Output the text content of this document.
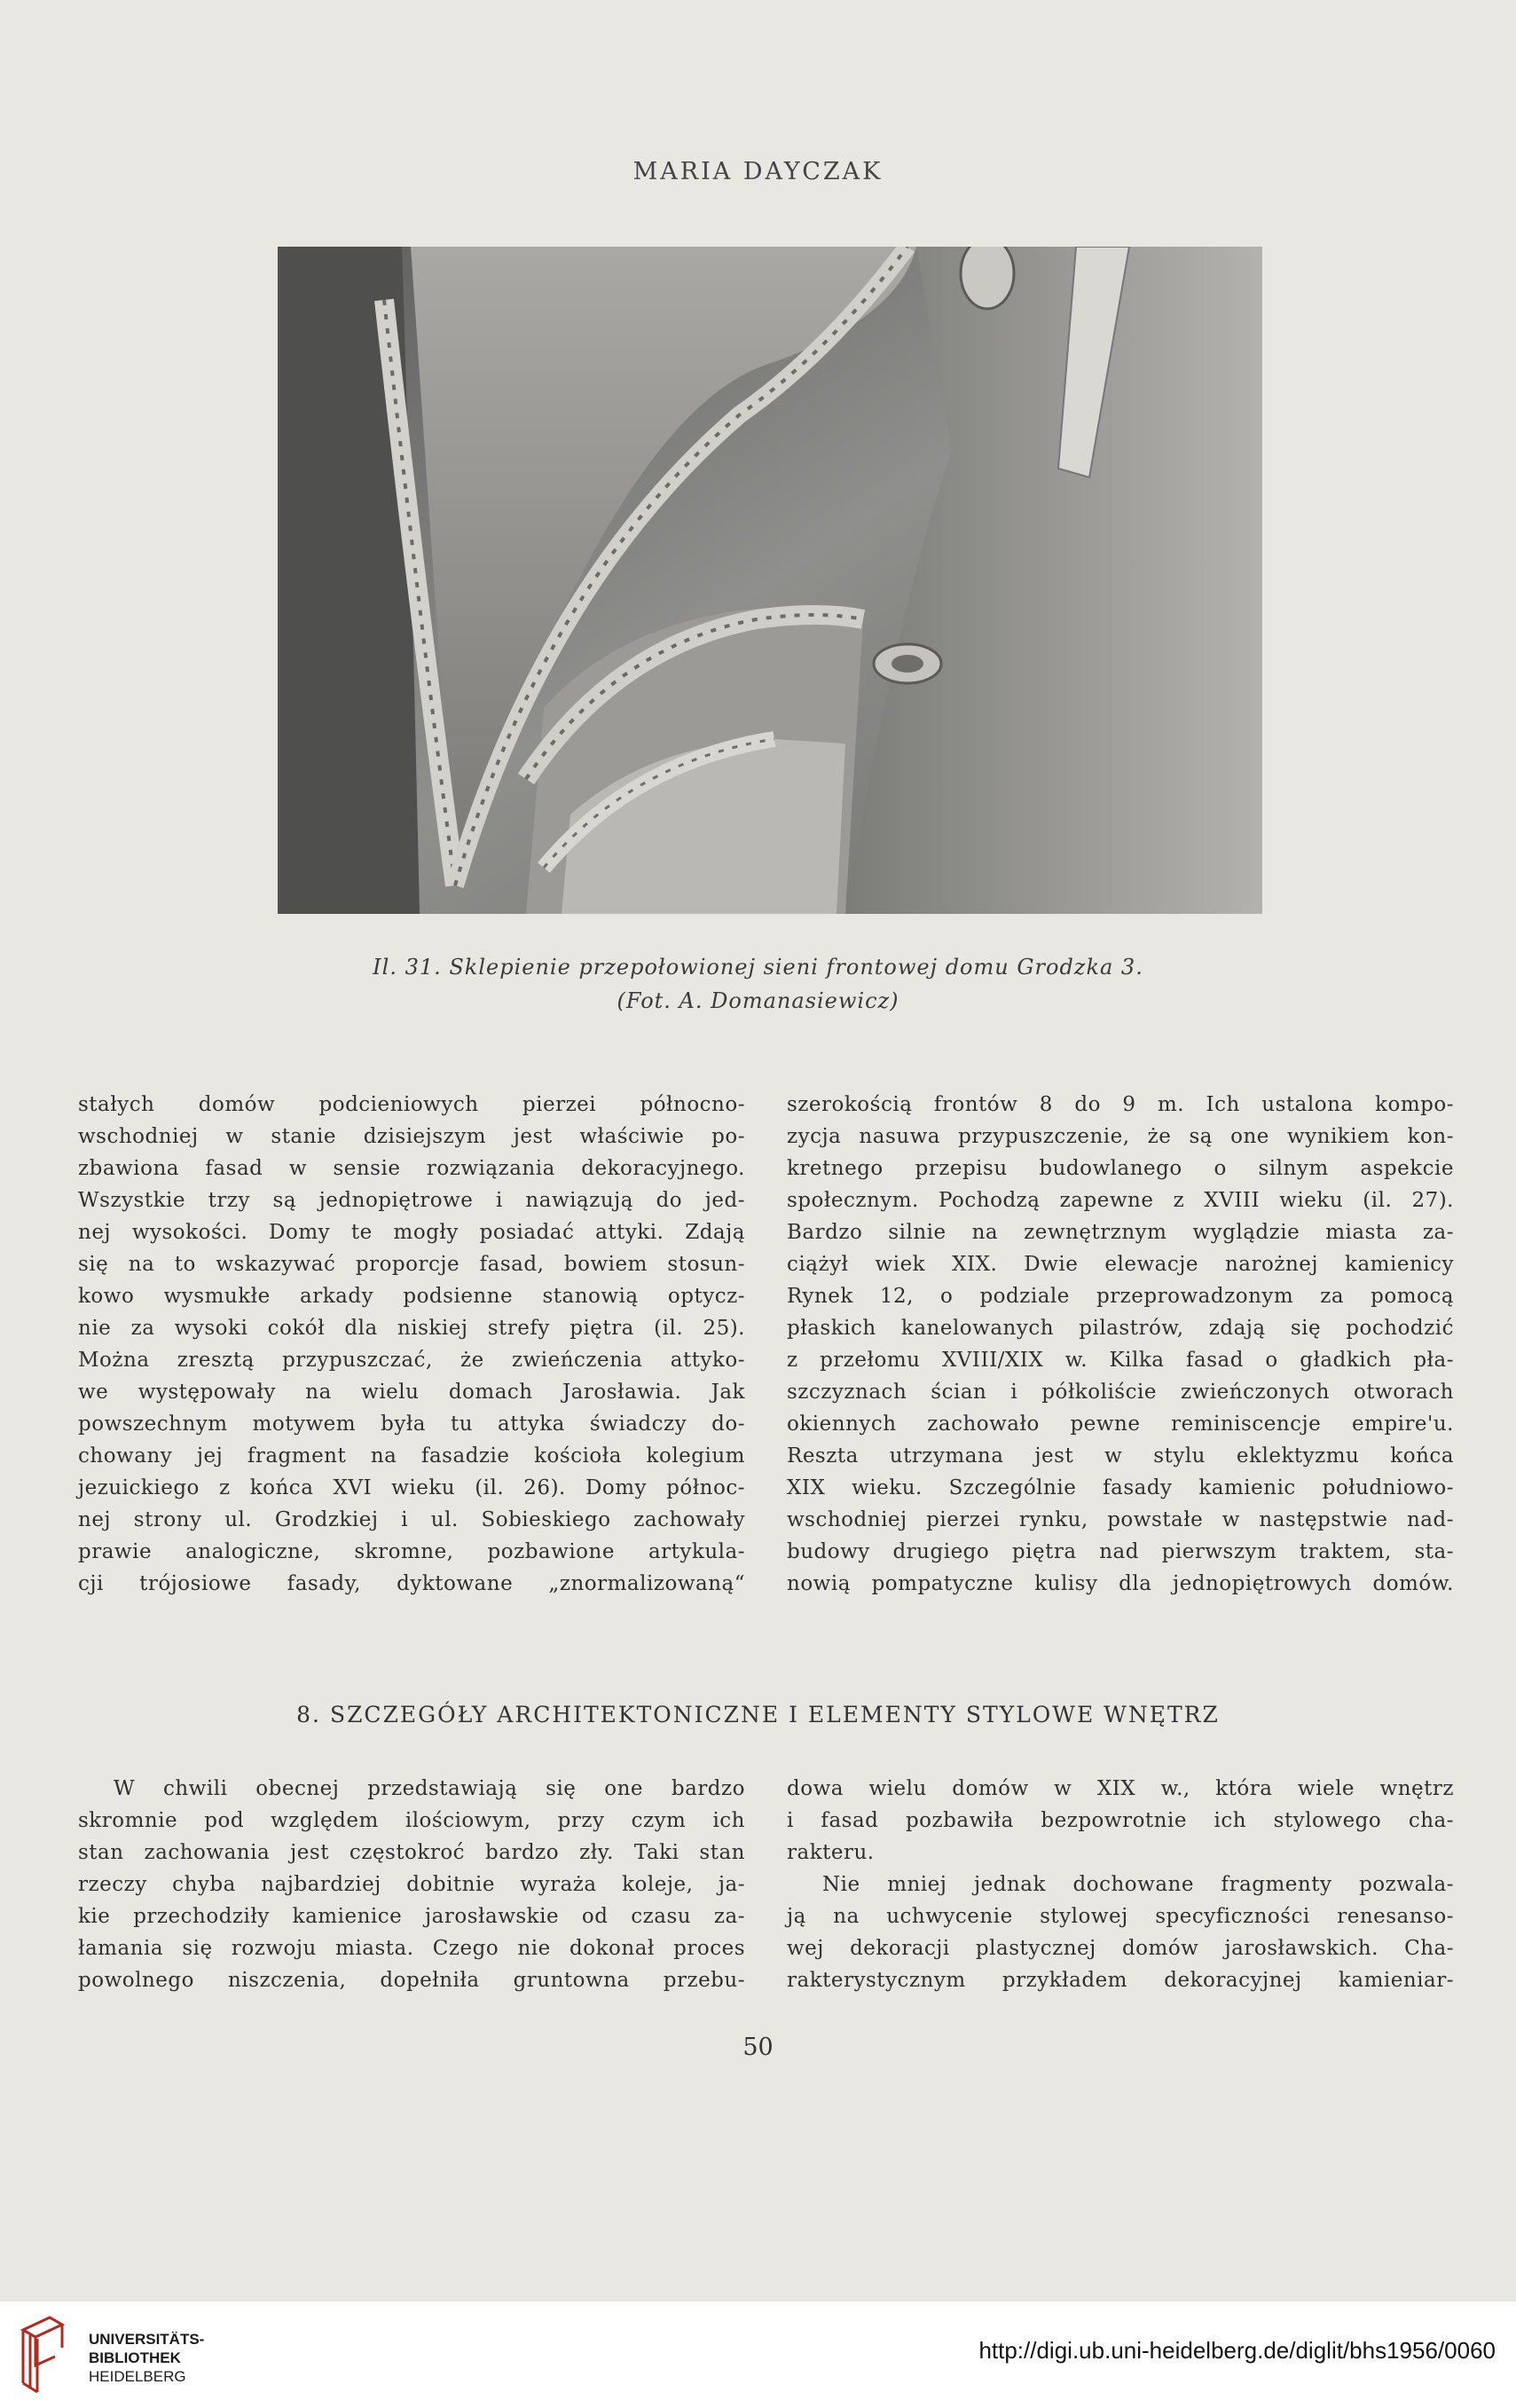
MARIA DAYCZAK
Il. 31. Sklepienie przepołowionej sieni frontowej domu Grodzka 3.
(Fot. A. Domanasiewicz)
stałych domów podcieniowych pierzei północno-
wschodniej w stanie dzisiejszym jest właściwie po-
zbawiona fasad w sensie rozwiązania dekoracyjnego.
Wszystkie trzy są jednopiętrowe i nawiązują do jed-
nej wysokości. Domy te mogły posiadać attyki. Zdają
się na to wskazywać proporcje fasad, bowiem stosun-
kowo wysmukłe arkady podsienne stanowią optycz-
nie za wysoki cokół dla niskiej strefy piętra (il. 25).
Można zresztą przypuszczać, że zwieńczenia attyko-
we występowały na wielu domach Jarosławia. Jak
powszechnym motywem była tu attyka świadczy do-
chowany jej fragment na fasadzie kościoła kolegium
jezuickiego z końca XVI wieku (il. 26). Domy północ-
nej strony ul. Grodzkiej i ul. Sobieskiego zachowały
prawie analogiczne, skromne, pozbawione artykula-
cji trójosiowe fasady, dyktowane „znormalizowaną“
szerokością frontów 8 do 9 m. Ich ustalona kompo-
zycja nasuwa przypuszczenie, że są one wynikiem kon-
kretnego przepisu budowlanego o silnym aspekcie
społecznym. Pochodzą zapewne z XVIII wieku (il. 27).
Bardzo silnie na zewnętrznym wyglądzie miasta za-
ciążył wiek XIX. Dwie elewacje narożnej kamienicy
Rynek 12, o podziale przeprowadzonym za pomocą
płaskich kanelowanych pilastrów, zdają się pochodzić
z przełomu XVIII/XIX w. Kilka fasad o gładkich pła-
szczyznach ścian i półkoliście zwieńczonych otworach
okiennych zachowało pewne reminiscencje empire'u.
Reszta utrzymana jest w stylu eklektyzmu końca
XIX wieku. Szczególnie fasady kamienic południowo-
wschodniej pierzei rynku, powstałe w następstwie nad-
budowy drugiego piętra nad pierwszym traktem, sta-
nowią pompatyczne kulisy dla jednopiętrowych domów.
8. SZCZEGÓŁY ARCHITEKTONICZNE I ELEMENTY STYLOWE WNĘTRZ
W chwili obecnej przedstawiają się one bardzo
skromnie pod względem ilościowym, przy czym ich
stan zachowania jest częstokroć bardzo zły. Taki stan
rzeczy chyba najbardziej dobitnie wyraża koleje, ja-
kie przechodziły kamienice jarosławskie od czasu za-
łamania się rozwoju miasta. Czego nie dokonał proces
powolnego niszczenia, dopełniła gruntowna przebu-
dowa wielu domów w XIX w., która wiele wnętrz
i fasad pozbawiła bezpowrotnie ich stylowego cha-
rakteru.
Nie mniej jednak dochowane fragmenty pozwala-
ją na uchwycenie stylowej specyficzności renesanso-
wej dekoracji plastycznej domów jarosławskich. Cha-
rakterystycznym przykładem dekoracyjnej kamieniar-
50
UNIVERSITÄTS-
BIBLIOTHEK
HEIDELBERG
http://digi.ub.uni-heidelberg.de/diglit/bhs1956/0060
